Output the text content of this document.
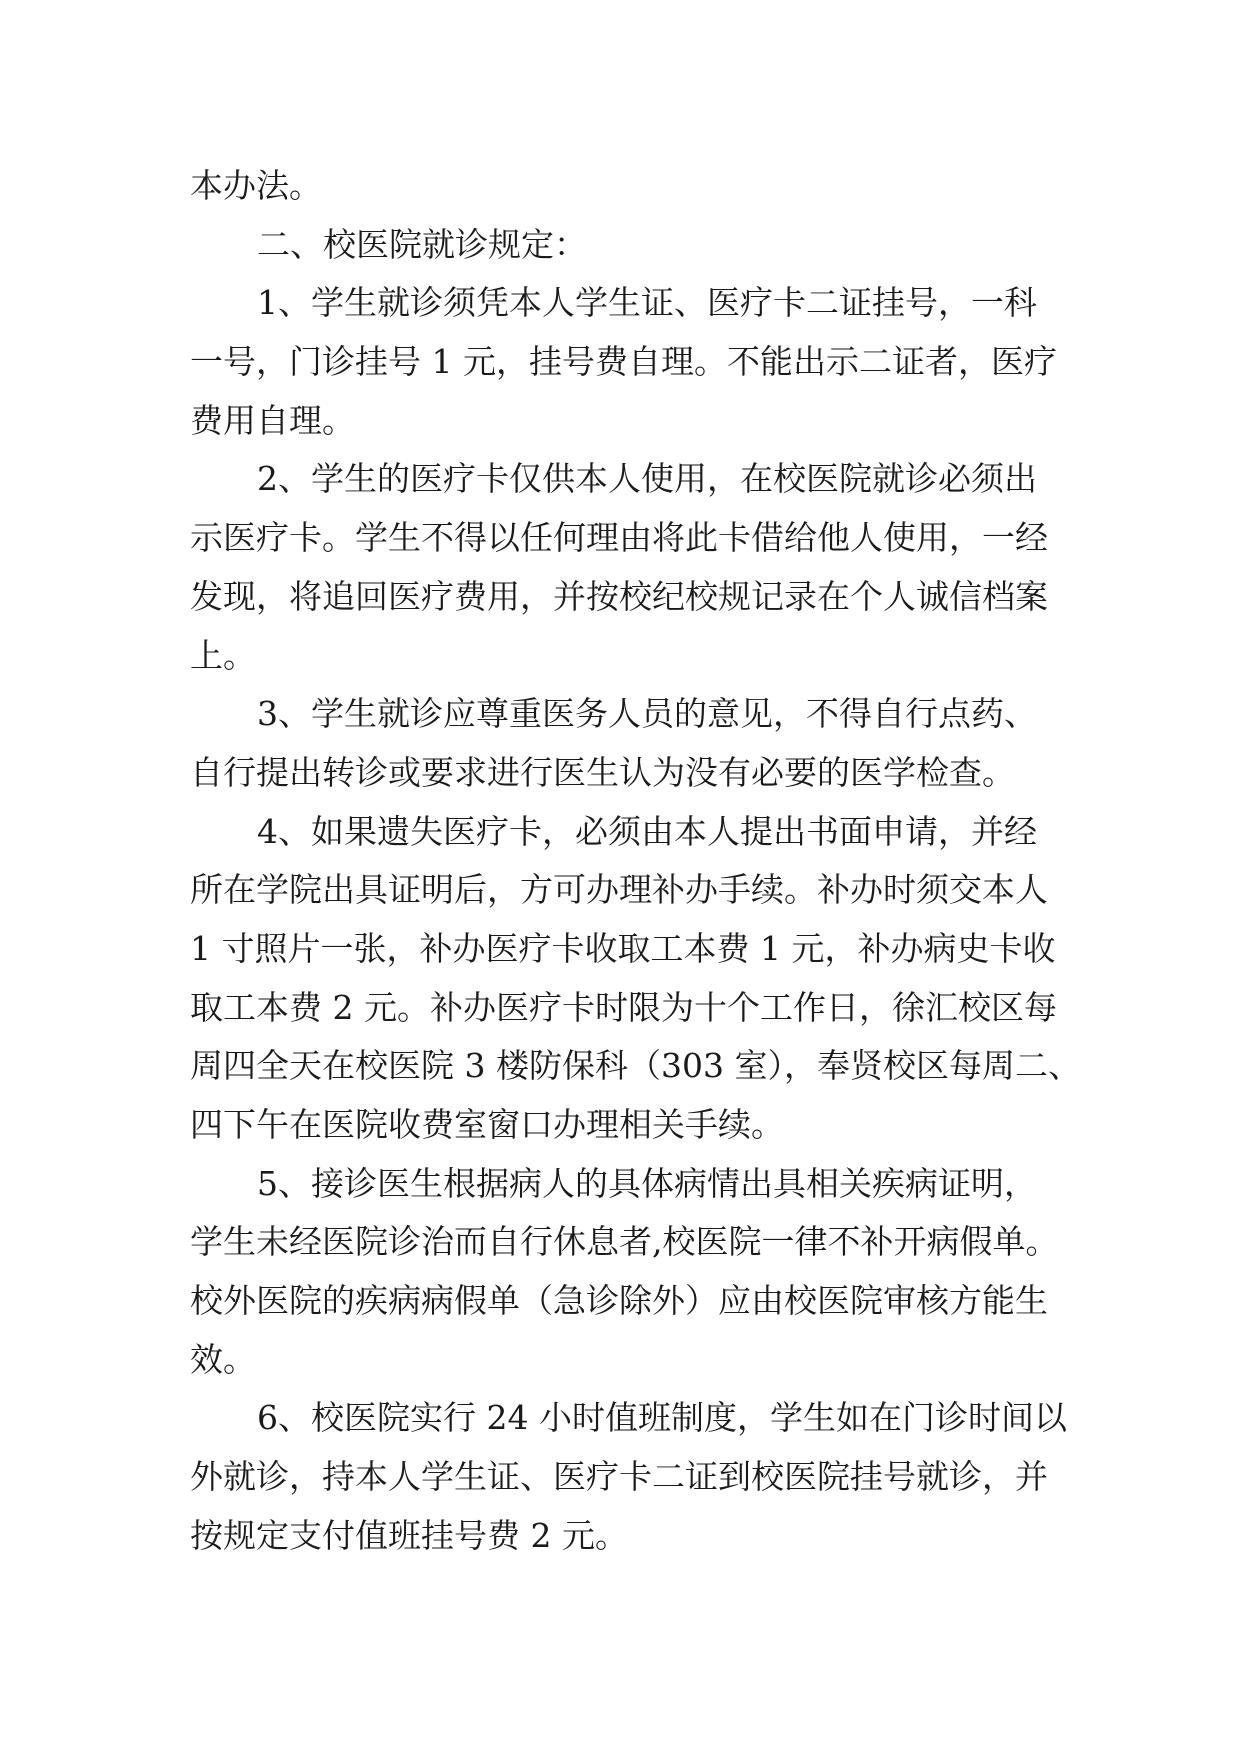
本办法。
二、校医院就诊规定：
1、学生就诊须凭本人学生证、医疗卡二证挂号，一科
一号，门诊挂号 1 元，挂号费自理。不能出示二证者，医疗
费用自理。
2、学生的医疗卡仅供本人使用，在校医院就诊必须出
示医疗卡。学生不得以任何理由将此卡借给他人使用，一经
发现，将追回医疗费用，并按校纪校规记录在个人诚信档案
上。
3、学生就诊应尊重医务人员的意见，不得自行点药、
自行提出转诊或要求进行医生认为没有必要的医学检查。
4、如果遗失医疗卡，必须由本人提出书面申请，并经
所在学院出具证明后，方可办理补办手续。补办时须交本人
1 寸照片一张，补办医疗卡收取工本费 1 元，补办病史卡收
取工本费 2 元。补办医疗卡时限为十个工作日，徐汇校区每
周四全天在校医院 3 楼防保科（303 室），奉贤校区每周二、
四下午在医院收费室窗口办理相关手续。
5、接诊医生根据病人的具体病情出具相关疾病证明，
学生未经医院诊治而自行休息者,校医院一律不补开病假单。
校外医院的疾病病假单（急诊除外）应由校医院审核方能生
效。
6、校医院实行 24 小时值班制度，学生如在门诊时间以
外就诊，持本人学生证、医疗卡二证到校医院挂号就诊，并
按规定支付值班挂号费 2 元。
